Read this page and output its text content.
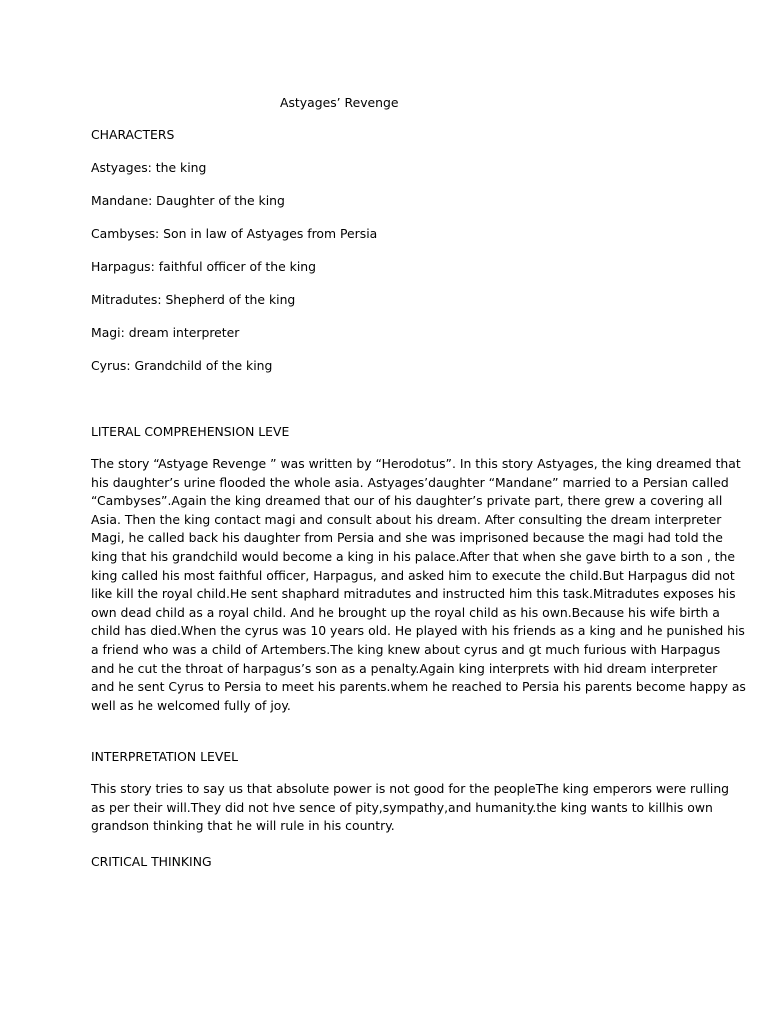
Astyages’ Revenge
CHARACTERS
Astyages: the king
Mandane: Daughter of the king
Cambyses: Son in law of Astyages from Persia
Harpagus: faithful officer of the king
Mitradutes: Shepherd of the king
Magi: dream interpreter
Cyrus: Grandchild of the king
LITERAL COMPREHENSION LEVE

The story “Astyage Revenge ” was written by “Herodotus”. In this story Astyages, the king dreamed that

his daughter’s urine flooded the whole asia. Astyages’daughter “Mandane” married to a Persian called

“Cambyses”.Again the king dreamed that our of his daughter’s private part, there grew a covering all

Asia. Then the king contact magi and consult about his dream. After consulting the dream interpreter

Magi, he called back his daughter from Persia and she was imprisoned because the magi had told the

king that his grandchild would become a king in his palace.After that when she gave birth to a son , the

king called his most faithful officer, Harpagus, and asked him to execute the child.But Harpagus did not

like kill the royal child.He sent shaphard mitradutes and instructed him this task.Mitradutes exposes his

own dead child as a royal child. And he brought up the royal child as his own.Because his wife birth a

child has died.When the cyrus was 10 years old. He played with his friends as a king and he punished his

a friend who was a child of Artembers.The king knew about cyrus and gt much furious with Harpagus

and he cut the throat of harpagus’s son as a penalty.Again king interprets with hid dream interpreter

and he sent Cyrus to Persia to meet his parents.whem he reached to Persia his parents become happy as

well as he welcomed fully of joy.

INTERPRETATION LEVEL

This story tries to say us that absolute power is not good for the peopleThe king emperors were rulling

as per their will.They did not hve sence of pity,sympathy,and humanity.the king wants to killhis own

grandson thinking that he will rule in his country.

CRITICAL THINKING
